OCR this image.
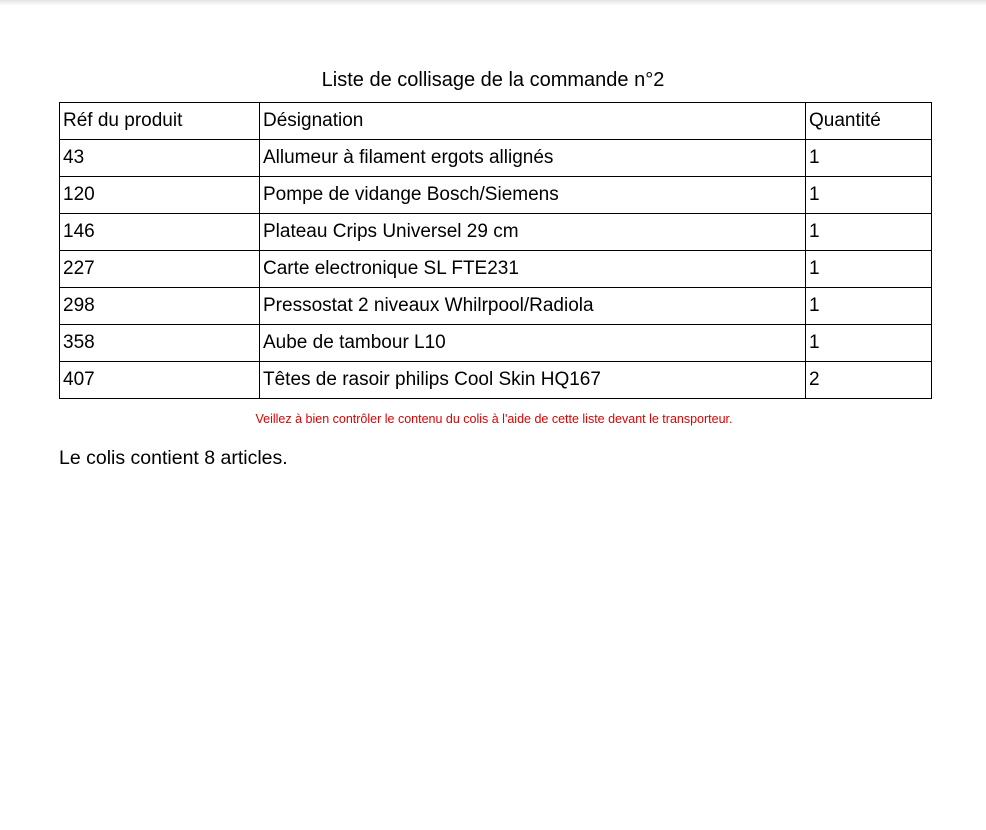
Liste de collisage de la commande n°2
Réf du produit	Désignation	Quantité
43	Allumeur à filament ergots allignés	1
120	Pompe de vidange Bosch/Siemens	1
146	Plateau Crips Universel 29 cm	1
227	Carte electronique SL FTE231	1
298	Pressostat 2 niveaux Whilrpool/Radiola	1
358	Aube de tambour L10	1
407	Têtes de rasoir philips Cool Skin HQ167	2
Veillez à bien contrôler le contenu du colis à l'aide de cette liste devant le transporteur.
Le colis contient 8 articles.
